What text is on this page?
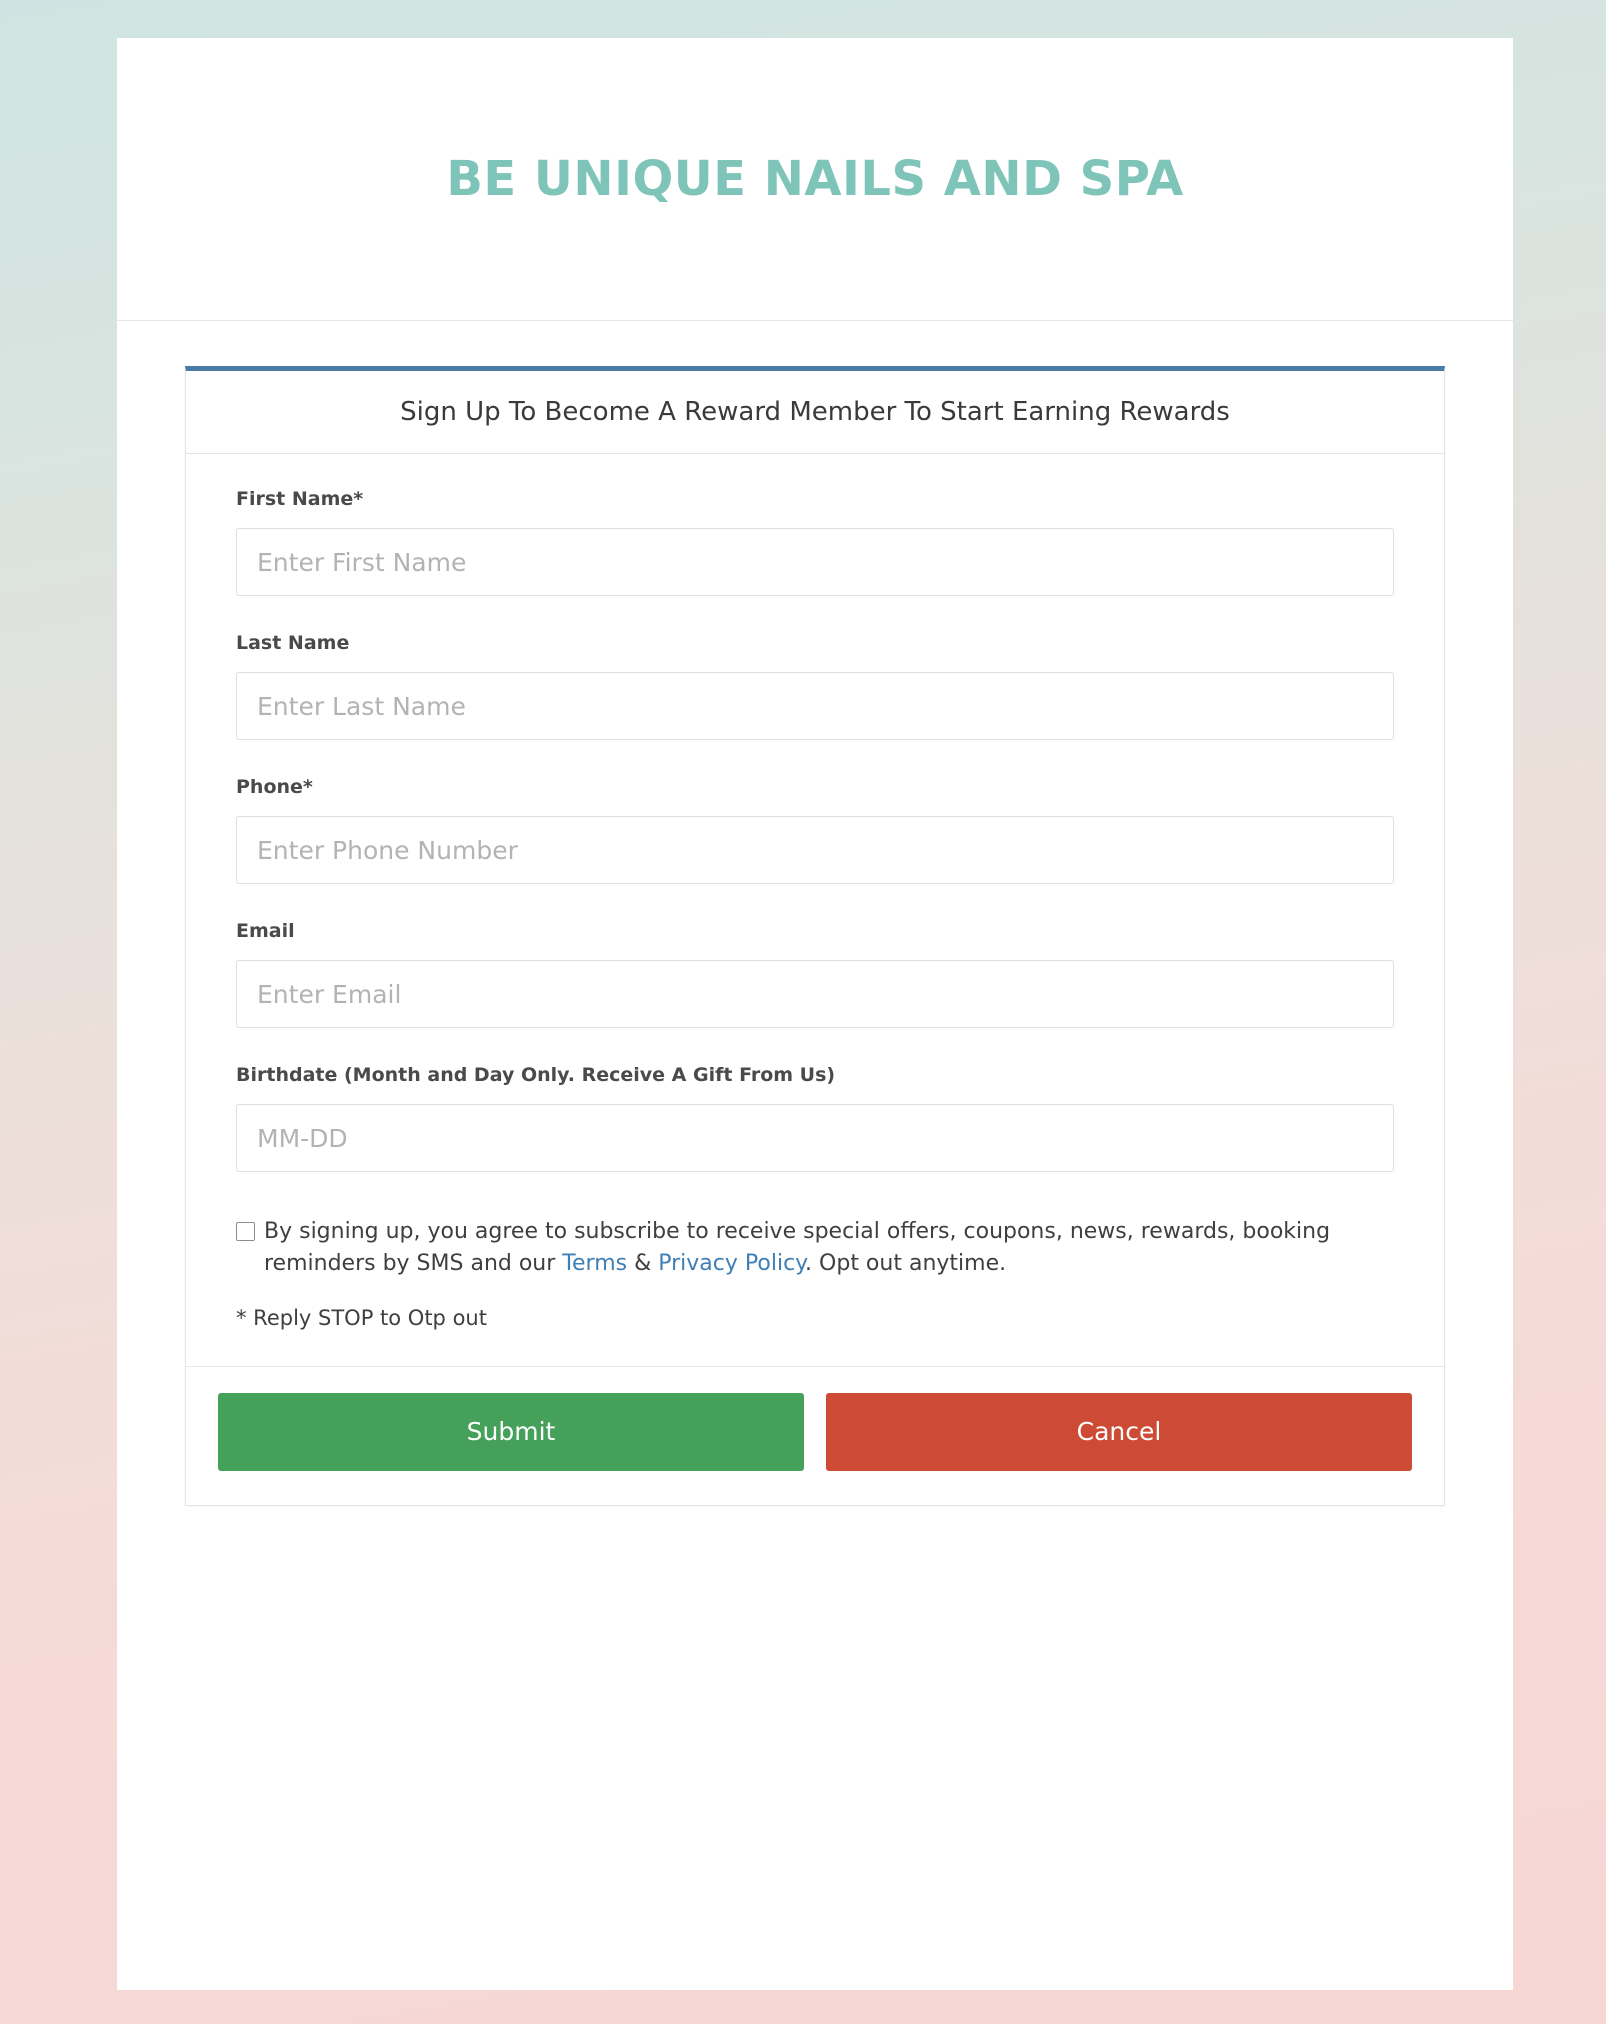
BE UNIQUE NAILS AND SPA
Sign Up To Become A Reward Member To Start Earning Rewards
First Name*
Enter First Name
Last Name
Enter Last Name
Phone*
Enter Phone Number
Email
Enter Email
Birthdate (Month and Day Only. Receive A Gift From Us)
MM-DD
By signing up, you agree to subscribe to receive special offers, coupons, news, rewards, booking reminders by SMS and our Terms & Privacy Policy. Opt out anytime.

* Reply STOP to Otp out

Submit	Cancel
